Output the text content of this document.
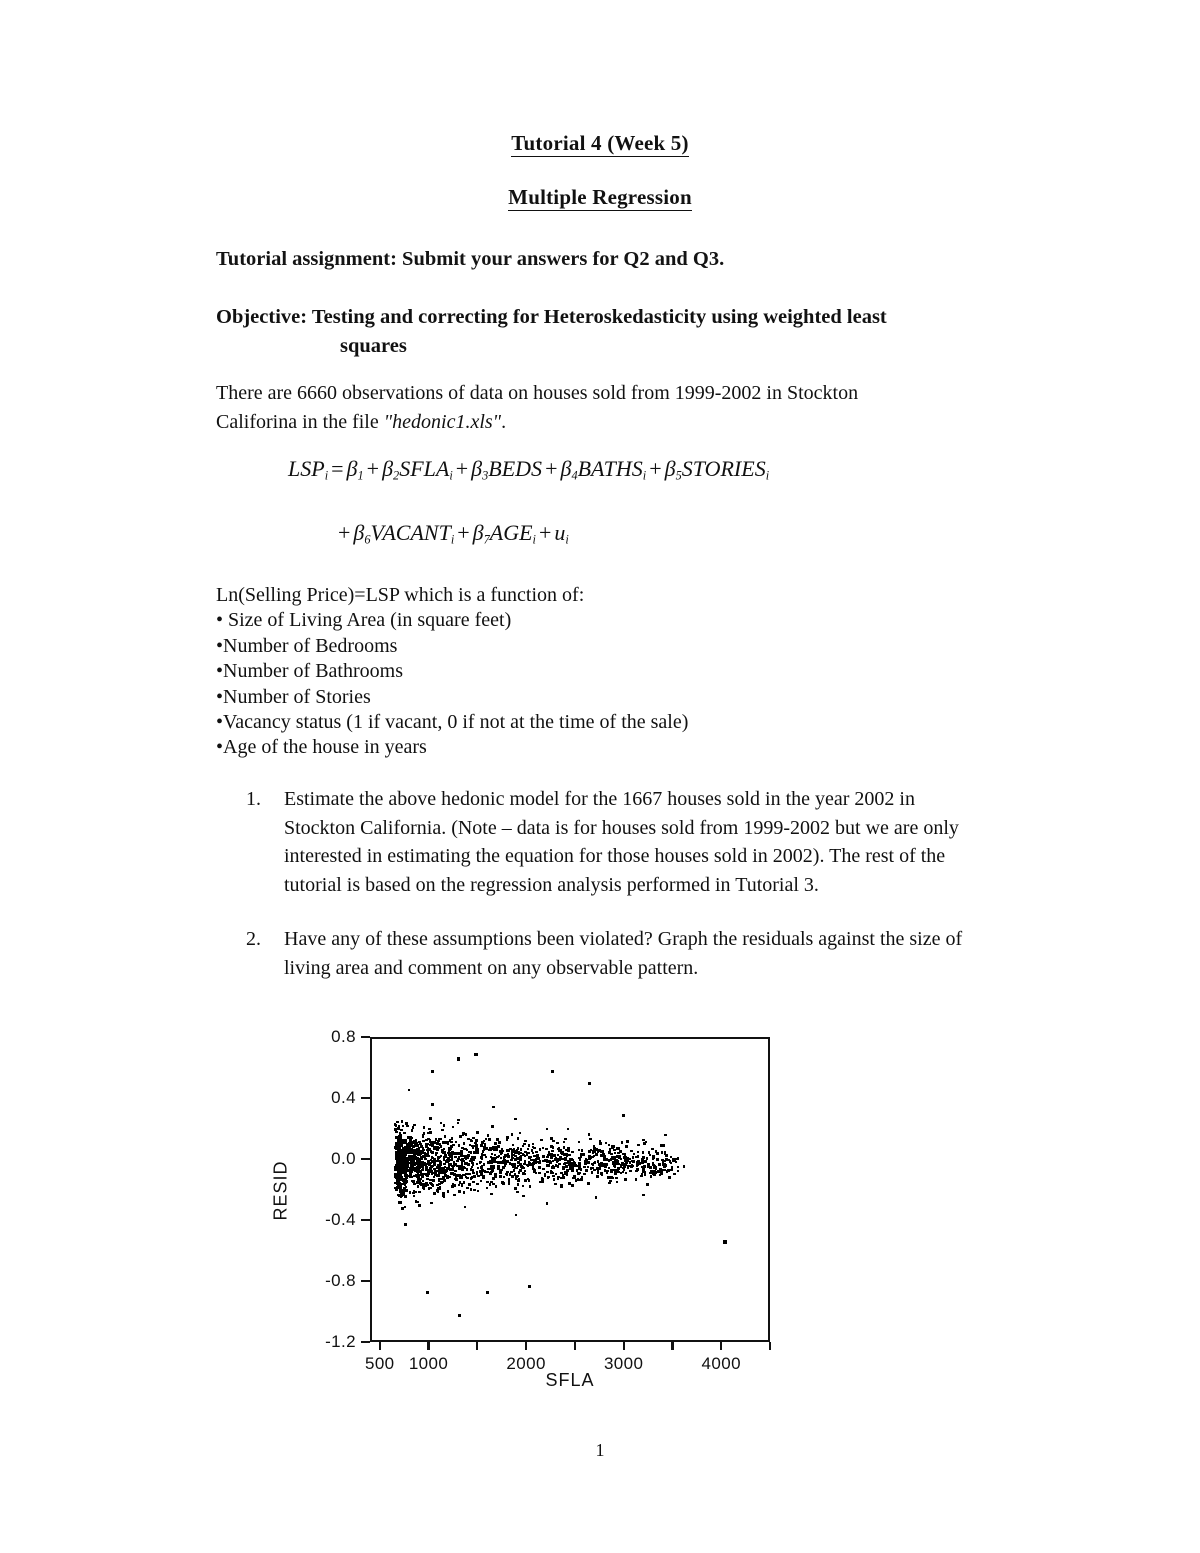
Tutorial 4 (Week 5)
Multiple Regression
Tutorial assignment: Submit your answers for Q2 and Q3.
Objective: Testing and correcting for Heteroskedasticity using weighted least
squares
There are 6660 observations of data on houses sold from 1999-2002 in Stockton
Califorina in the file "hedonic1.xls".
$LSP_i = \beta_1$ + $\beta_2SFLA_i$ + $\beta_3BEDS$ + $\beta_4BATHS_i$ + $\beta_5STORIES_i$
+ $\beta_6VACANT_i + \beta_7AGE_i + u_i$
Ln(Selling Price)=LSP which is a function of:
• Size of Living Area (in square feet)
•Number of Bedrooms
•Number of Bathrooms
•Number of Stories
•Vacancy status (1 if vacant, 0 if not at the time of the sale)
•Age of the house in years
1. Estimate the above hedonic model for the 1667 houses sold in the year 2002 in Stockton California. (Note – data is for houses sold from 1999-2002 but we are only interested in estimating the equation for those houses sold in 2002). The rest of the tutorial is based on the regression analysis performed in Tutorial 3.
2. Have any of these assumptions been violated? Graph the residuals against the size of living area and comment on any observable pattern.
RESID
0.8
0.4
0.0
-0.4
-0.8
-1.2
500 1000	2000	3000	4000
SFLA
1
